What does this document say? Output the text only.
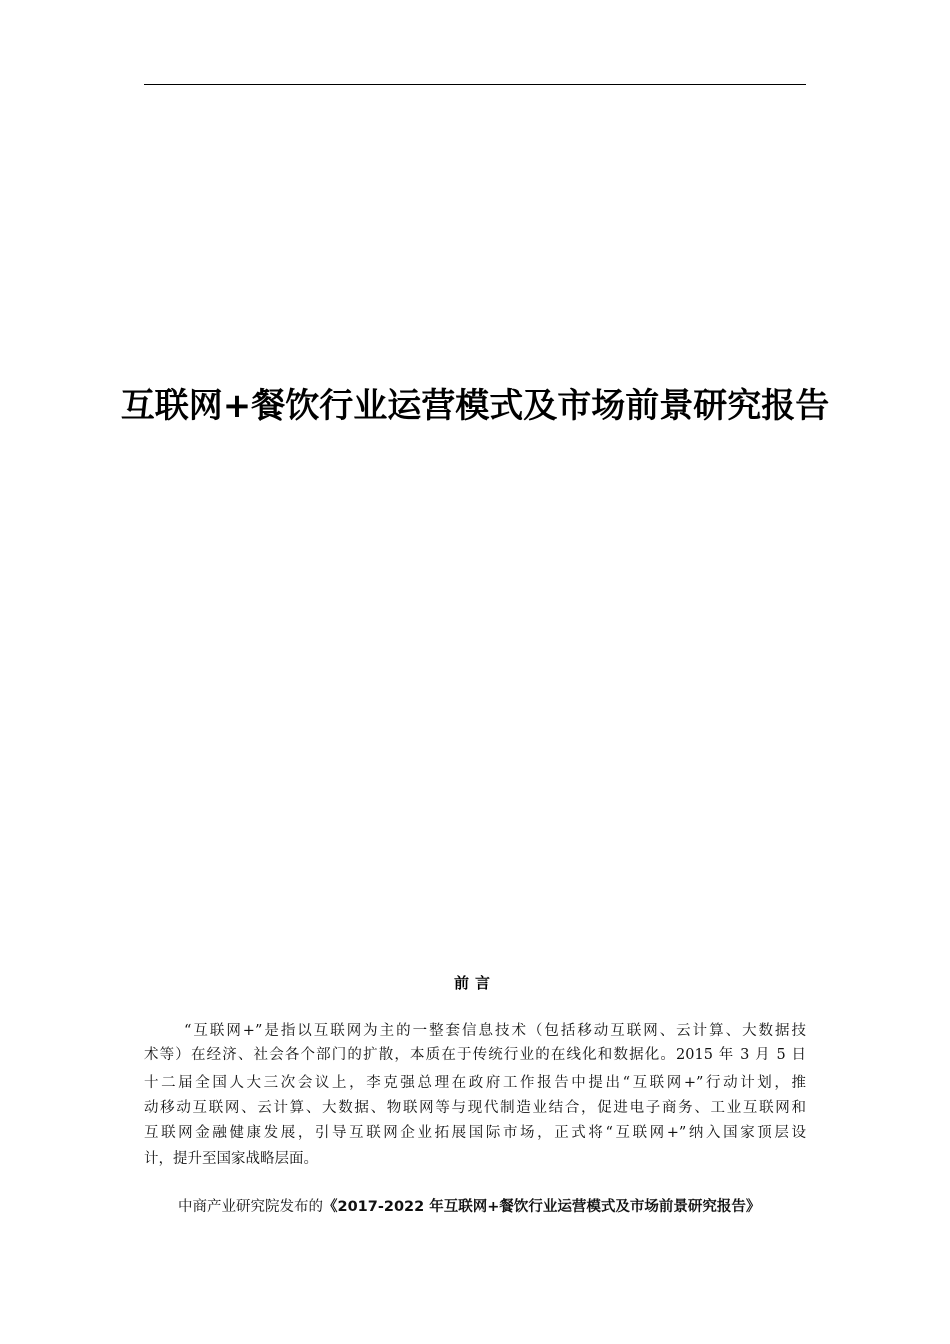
互联网+餐饮行业运营模式及市场前景研究报告
前言
“互联网+”是指以互联网为主的一整套信息技术（包括移动互联网、云计算、大数据技
术等）在经济、社会各个部门的扩散，本质在于传统行业的在线化和数据化。2015 年 3 月 5 日
十二届全国人大三次会议上，李克强总理在政府工作报告中提出“互联网+”行动计划，推
动移动互联网、云计算、大数据、物联网等与现代制造业结合，促进电子商务、工业互联网和
互联网金融健康发展，引导互联网企业拓展国际市场，正式将“互联网+”纳入国家顶层设
计，提升至国家战略层面。
中商产业研究院发布的《2017-2022 年互联网+餐饮行业运营模式及市场前景研究报告》
